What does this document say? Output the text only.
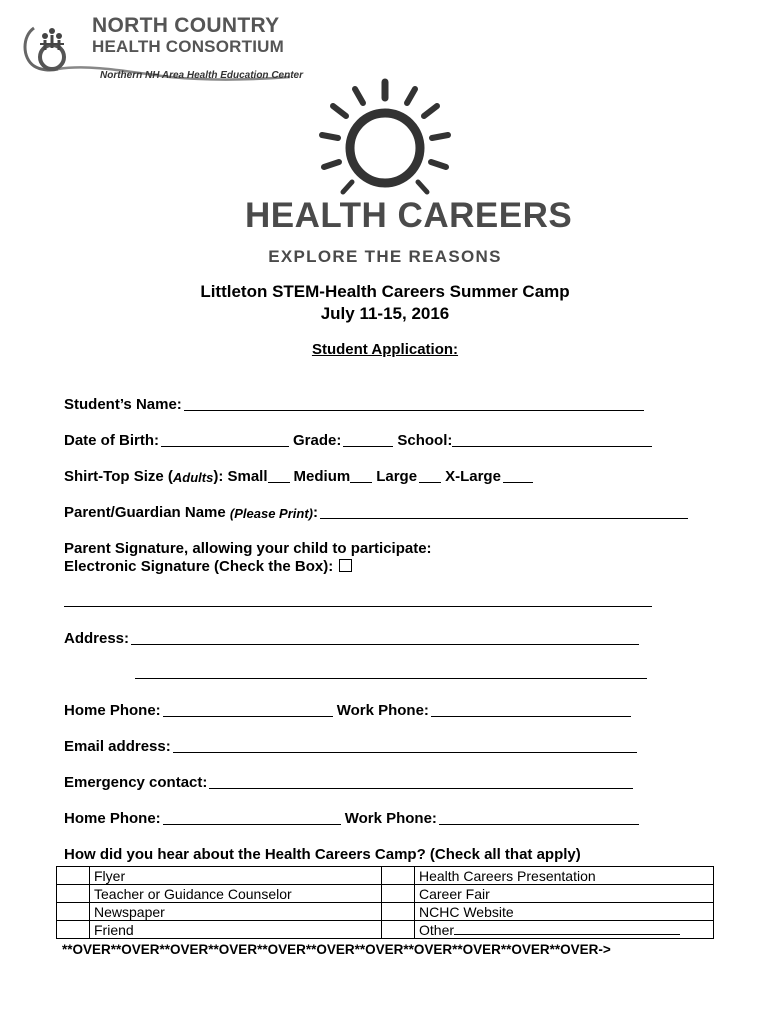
NORTH COUNTRY
HEALTH CONSORTIUM
Northern NH Area Health Education Center
HEALTH CAREERS
EXPLORE THE REASONS
Littleton STEM-Health Careers Summer Camp
July 11-15, 2016
Student Application:
Student’s Name:
Date of Birth:	Grade:	School:
Shirt-Top Size ( Adults ): Small Medium Large X-Large
Parent/Guardian Name
(Please Print) :
Parent Signature, allowing your child to participate:
Electronic Signature (Check the Box):
Address:
Home Phone:	Work Phone:
Email address:
Emergency contact:
Home Phone:	Work Phone:
How did you hear about the Health Careers Camp? (Check all that apply)
	Flyer		Health Careers Presentation
	Teacher or Guidance Counselor		Career Fair
	Newspaper		NCHC Website
	Friend		Other
**OVER**OVER**OVER**OVER**OVER**OVER**OVER**OVER**OVER**OVER**OVER->
